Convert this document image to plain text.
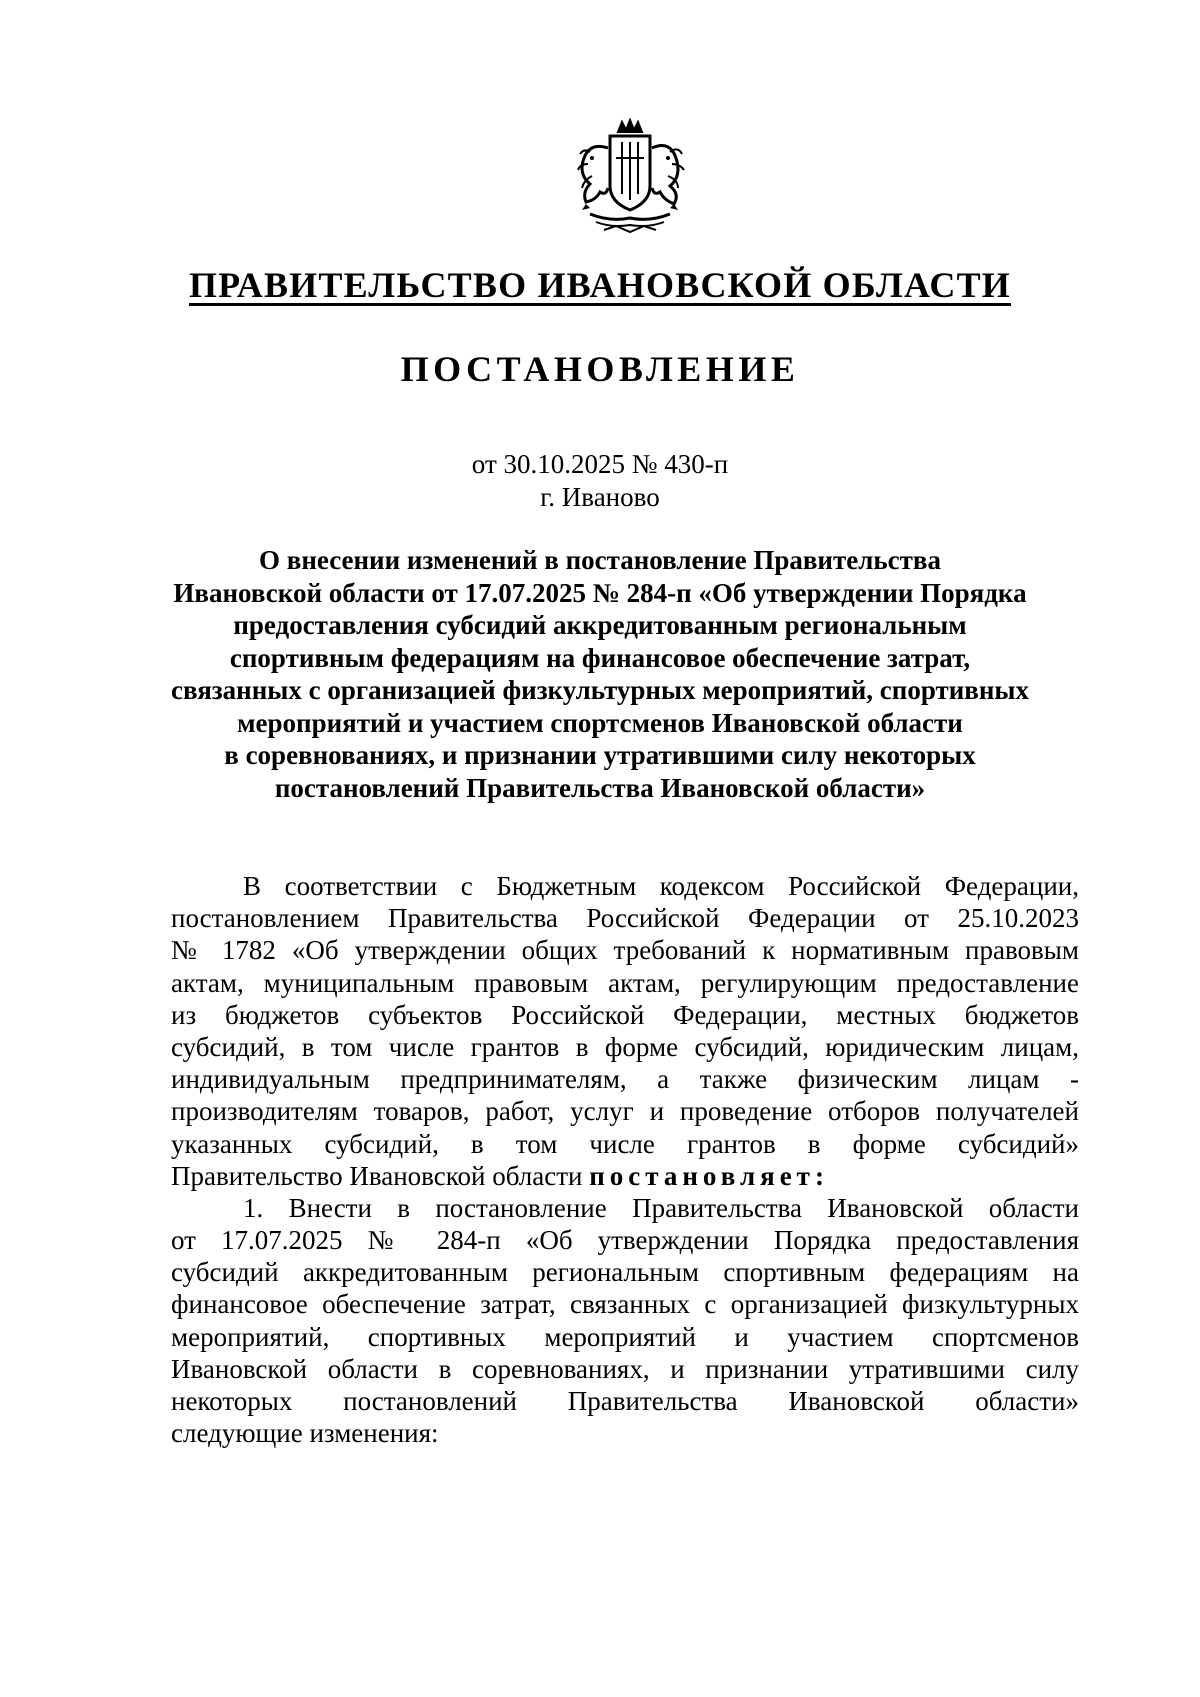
ПРАВИТЕЛЬСТВО ИВАНОВСКОЙ ОБЛАСТИ
ПОСТАНОВЛЕНИЕ
от 30.10.2025 № 430-п
г. Иваново
О внесении изменений в постановление Правительства
Ивановской области от 17.07.2025 № 284-п «Об утверждении Порядка
предоставления субсидий аккредитованным региональным
спортивным федерациям на финансовое обеспечение затрат,
связанных с организацией физкультурных мероприятий, спортивных
мероприятий и участием спортсменов Ивановской области
в соревнованиях, и признании утратившими силу некоторых
постановлений Правительства Ивановской области»
В соответствии с Бюджетным кодексом Российской Федерации,
постановлением Правительства Российской Федерации от 25.10.2023
№ 1782 «Об утверждении общих требований к нормативным правовым
актам, муниципальным правовым актам, регулирующим предоставление
из бюджетов субъектов Российской Федерации, местных бюджетов
субсидий, в том числе грантов в форме субсидий, юридическим лицам,
индивидуальным предпринимателям, а также физическим лицам -
производителям товаров, работ, услуг и проведение отборов получателей
указанных субсидий, в том числе грантов в форме субсидий»
Правительство Ивановской области постановляет:
1. Внести в постановление Правительства Ивановской области
от 17.07.2025 № 284-п «Об утверждении Порядка предоставления
субсидий аккредитованным региональным спортивным федерациям на
финансовое обеспечение затрат, связанных с организацией физкультурных
мероприятий, спортивных мероприятий и участием спортсменов
Ивановской области в соревнованиях, и признании утратившими силу
некоторых постановлений Правительства Ивановской области»
следующие изменения:
